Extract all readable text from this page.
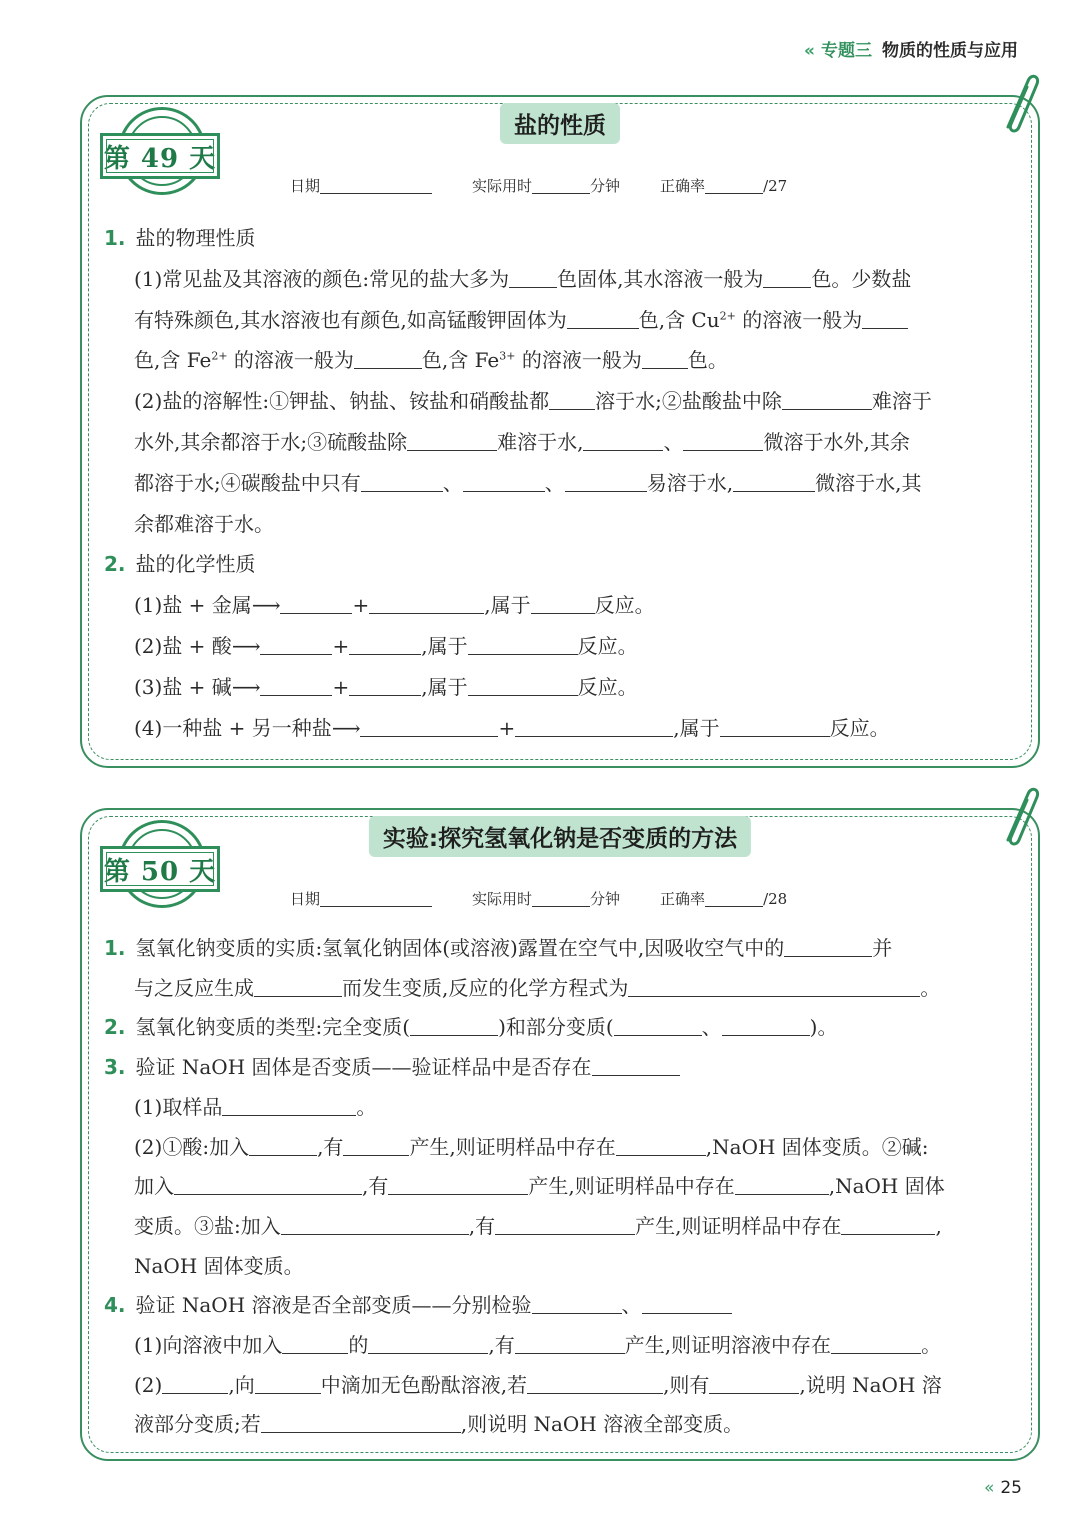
« 专题三 物质的性质与应用
盐的性质
第 49 天
日期	实际用时	分钟	正确率	/27

1. 盐的物理性质

(1)常见盐及其溶液的颜色:常见的盐大多为 色固体,其水溶液一般为 色。少数盐

有特殊颜色,其水溶液也有颜色,如高锰酸钾固体为	色,含 $Cu^{2+}$ 的溶液一般为

色,含 $Fe^{2+}$ 的溶液一般为	色,含 $Fe^{3+}$ 的溶液一般为 色。

(2)盐的溶解性:①钾盐、钠盐、铵盐和硝酸盐都 溶于水;②盐酸盐中除	难溶于

水外,其余都溶于水;③硫酸盐除	难溶于水,	、	微溶于水外,其余

都溶于水;④碳酸盐中只有	、	、	易溶于水,	微溶于水,其

余都难溶于水。

2. 盐的化学性质

(1)盐 + 金属⟶	+	,属于	反应。

(2)盐 + 酸⟶	+	,属于	反应。

(3)盐 + 碱⟶	+	,属于	反应。

(4)一种盐 + 另一种盐⟶	+	,属于	反应。

实验:探究氢氧化钠是否变质的方法
第 50 天
日期	实际用时	分钟	正确率	/28

1. 氢氧化钠变质的实质:氢氧化钠固体(或溶液)露置在空气中,因吸收空气中的	并

与之反应生成	而发生变质,反应的化学方程式为	。

2. 氢氧化钠变质的类型:完全变质(	)和部分变质(	、	)。

3. 验证 NaOH 固体是否变质——验证样品中是否存在

(1)取样品	。

(2)①酸:加入	,有	产生,则证明样品中存在	,NaOH 固体变质。②碱:

加入	,有	产生,则证明样品中存在	,NaOH 固体

变质。③盐:加入	,有	产生,则证明样品中存在	,

NaOH 固体变质。

4. 验证 NaOH 溶液是否全部变质——分别检验	、

(1)向溶液中加入	的	,有	产生,则证明溶液中存在	。

(2)	,向	中滴加无色酚酞溶液,若	,则有	,说明 NaOH 溶

液部分变质;若	,则说明 NaOH 溶液全部变质。

« 25
